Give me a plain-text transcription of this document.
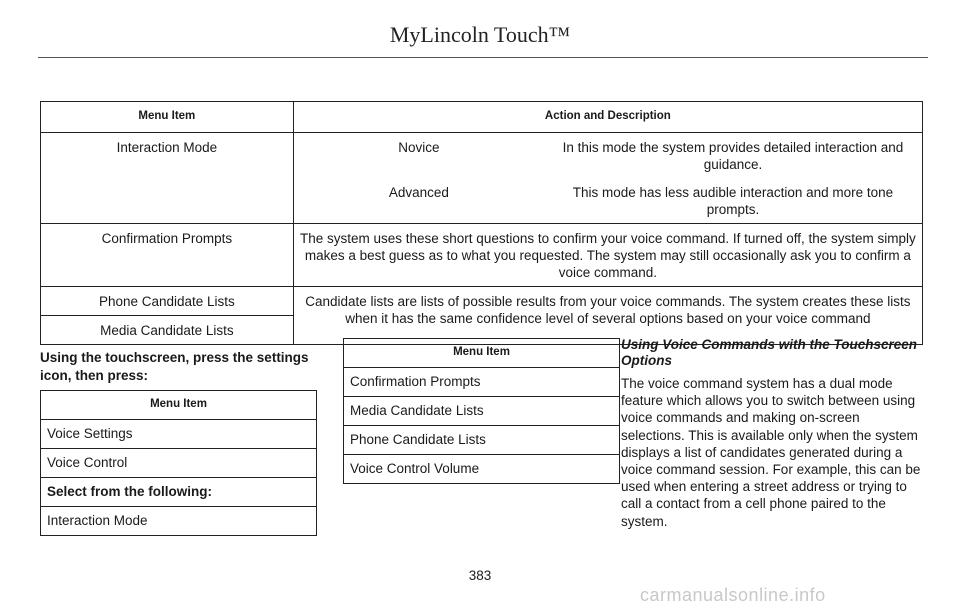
MyLincoln Touch™
Menu Item	Action and Description	
Interaction Mode	Novice	In this mode the system provides detailed interaction and guidance.
	Advanced	This mode has less audible interaction and more tone prompts.
Confirmation Prompts	The system uses these short questions to confirm your voice command. If turned off, the system simply makes a best guess as to what you requested. The system may still occasionally ask you to confirm a voice command.	
Phone Candidate Lists	Candidate lists are lists of possible results from your voice commands. The system creates these lists when it has the same confidence level of several options based on your voice command	
Media Candidate Lists		
Using the touchscreen, press the settings icon, then press:
Menu Item
Voice Settings
Voice Control
Select from the following:
Interaction Mode
Menu Item
Confirmation Prompts
Media Candidate Lists
Phone Candidate Lists
Voice Control Volume
Using Voice Commands with the Touchscreen Options
The voice command system has a dual mode feature which allows you to switch between using voice commands and making on-screen selections. This is available only when the system displays a list of candidates generated during a voice command session. For example, this can be used when entering a street address or trying to call a contact from a cell phone paired to the system.
383
carmanualsonline.info
